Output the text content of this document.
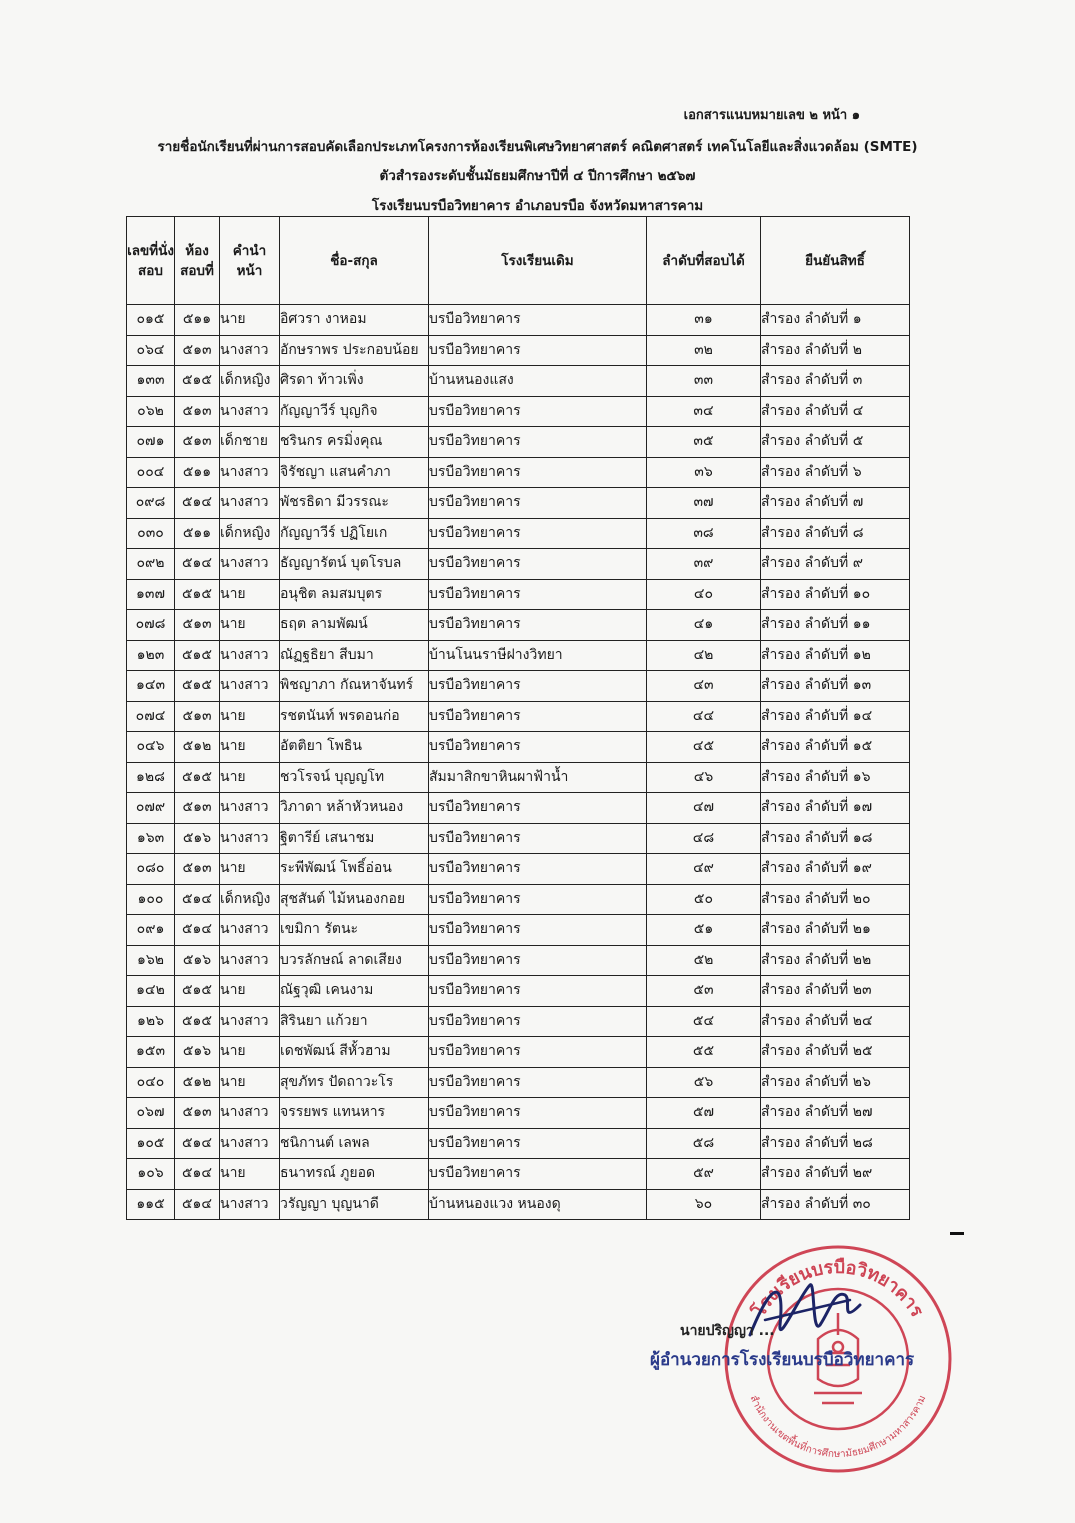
เอกสารแนบหมายเลข ๒ หน้า ๑
รายชื่อนักเรียนที่ผ่านการสอบคัดเลือกประเภทโครงการห้องเรียนพิเศษวิทยาศาสตร์ คณิตศาสตร์ เทคโนโลยีและสิ่งแวดล้อม (SMTE)
ตัวสำรองระดับชั้นมัธยมศึกษาปีที่ ๔ ปีการศึกษา ๒๕๖๗
โรงเรียนบรบือวิทยาคาร อำเภอบรบือ จังหวัดมหาสารคาม
เลขที่นั่งสอบ	ห้องสอบที่	คำนำหน้า	ชื่อ-สกุล	โรงเรียนเดิม	ลำดับที่สอบได้	ยืนยันสิทธิ์
๐๑๕	๕๑๑	นาย	อิศวรา งาหอม	บรบือวิทยาคาร	๓๑	สำรอง ลำดับที่ ๑
๐๖๔	๕๑๓	นางสาว	อักษราพร ประกอบน้อย	บรบือวิทยาคาร	๓๒	สำรอง ลำดับที่ ๒
๑๓๓	๕๑๕	เด็กหญิง	ศิรดา ท้าวเพิ่ง	บ้านหนองแสง	๓๓	สำรอง ลำดับที่ ๓
๐๖๒	๕๑๓	นางสาว	กัญญาวีร์ บุญกิจ	บรบือวิทยาคาร	๓๔	สำรอง ลำดับที่ ๔
๐๗๑	๕๑๓	เด็กชาย	ชรินกร ครมิ่งคุณ	บรบือวิทยาคาร	๓๕	สำรอง ลำดับที่ ๕
๐๐๔	๕๑๑	นางสาว	จิรัชญา แสนคำภา	บรบือวิทยาคาร	๓๖	สำรอง ลำดับที่ ๖
๐๙๘	๕๑๔	นางสาว	พัชรธิดา มีวรรณะ	บรบือวิทยาคาร	๓๗	สำรอง ลำดับที่ ๗
๐๓๐	๕๑๑	เด็กหญิง	กัญญาวีร์ ปฏิโยเก	บรบือวิทยาคาร	๓๘	สำรอง ลำดับที่ ๘
๐๙๒	๕๑๔	นางสาว	ธัญญารัตน์ บุตโรบล	บรบือวิทยาคาร	๓๙	สำรอง ลำดับที่ ๙
๑๓๗	๕๑๕	นาย	อนุชิต ลมสมบุตร	บรบือวิทยาคาร	๔๐	สำรอง ลำดับที่ ๑๐
๐๗๘	๕๑๓	นาย	ธฤต ลามพัฒน์	บรบือวิทยาคาร	๔๑	สำรอง ลำดับที่ ๑๑
๑๒๓	๕๑๕	นางสาว	ณัฏฐธิยา สีบมา	บ้านโนนราษีฝางวิทยา	๔๒	สำรอง ลำดับที่ ๑๒
๑๔๓	๕๑๕	นางสาว	พิชญาภา กัณหาจันทร์	บรบือวิทยาคาร	๔๓	สำรอง ลำดับที่ ๑๓
๐๗๔	๕๑๓	นาย	รชตนันท์ พรดอนก่อ	บรบือวิทยาคาร	๔๔	สำรอง ลำดับที่ ๑๔
๐๔๖	๕๑๒	นาย	อัตติยา โพธิน	บรบือวิทยาคาร	๔๕	สำรอง ลำดับที่ ๑๕
๑๒๘	๕๑๕	นาย	ชวโรจน์ บุญญโท	สัมมาสิกขาหินผาฟ้าน้ำ	๔๖	สำรอง ลำดับที่ ๑๖
๐๗๙	๕๑๓	นางสาว	วิภาดา หล้าหัวหนอง	บรบือวิทยาคาร	๔๗	สำรอง ลำดับที่ ๑๗
๑๖๓	๕๑๖	นางสาว	ฐิตารีย์ เสนาชม	บรบือวิทยาคาร	๔๘	สำรอง ลำดับที่ ๑๘
๐๘๐	๕๑๓	นาย	ระพีพัฒน์ โพธิ์อ่อน	บรบือวิทยาคาร	๔๙	สำรอง ลำดับที่ ๑๙
๑๐๐	๕๑๔	เด็กหญิง	สุชสันต์ ไม้หนองกอย	บรบือวิทยาคาร	๕๐	สำรอง ลำดับที่ ๒๐
๐๙๑	๕๑๔	นางสาว	เขมิกา รัตนะ	บรบือวิทยาคาร	๕๑	สำรอง ลำดับที่ ๒๑
๑๖๒	๕๑๖	นางสาว	บวรลักษณ์ ลาดเสียง	บรบือวิทยาคาร	๕๒	สำรอง ลำดับที่ ๒๒
๑๔๒	๕๑๕	นาย	ณัฐวุฒิ เคนงาม	บรบือวิทยาคาร	๕๓	สำรอง ลำดับที่ ๒๓
๑๒๖	๕๑๕	นางสาว	สิรินยา แก้วยา	บรบือวิทยาคาร	๕๔	สำรอง ลำดับที่ ๒๔
๑๕๓	๕๑๖	นาย	เดชพัฒน์ สีหั้วฮาม	บรบือวิทยาคาร	๕๕	สำรอง ลำดับที่ ๒๕
๐๔๐	๕๑๒	นาย	สุขภัทร ปัดถาวะโร	บรบือวิทยาคาร	๕๖	สำรอง ลำดับที่ ๒๖
๐๖๗	๕๑๓	นางสาว	จรรยพร แทนหาร	บรบือวิทยาคาร	๕๗	สำรอง ลำดับที่ ๒๗
๑๐๕	๕๑๔	นางสาว	ชนิกานต์ เลพล	บรบือวิทยาคาร	๕๘	สำรอง ลำดับที่ ๒๘
๑๐๖	๕๑๔	นาย	ธนาทรณ์ ภูยอด	บรบือวิทยาคาร	๕๙	สำรอง ลำดับที่ ๒๙
๑๑๕	๕๑๔	นางสาว	วรัญญา บุญนาดี	บ้านหนองแวง หนองดุ	๖๐	สำรอง ลำดับที่ ๓๐
โรงเรียนบรบือวิทยาคาร
สำนักงานเขตพื้นที่การศึกษามัธยมศึกษามหาสารคาม
นายปริญญา ...
ผู้อำนวยการโรงเรียนบรบือวิทยาคาร
